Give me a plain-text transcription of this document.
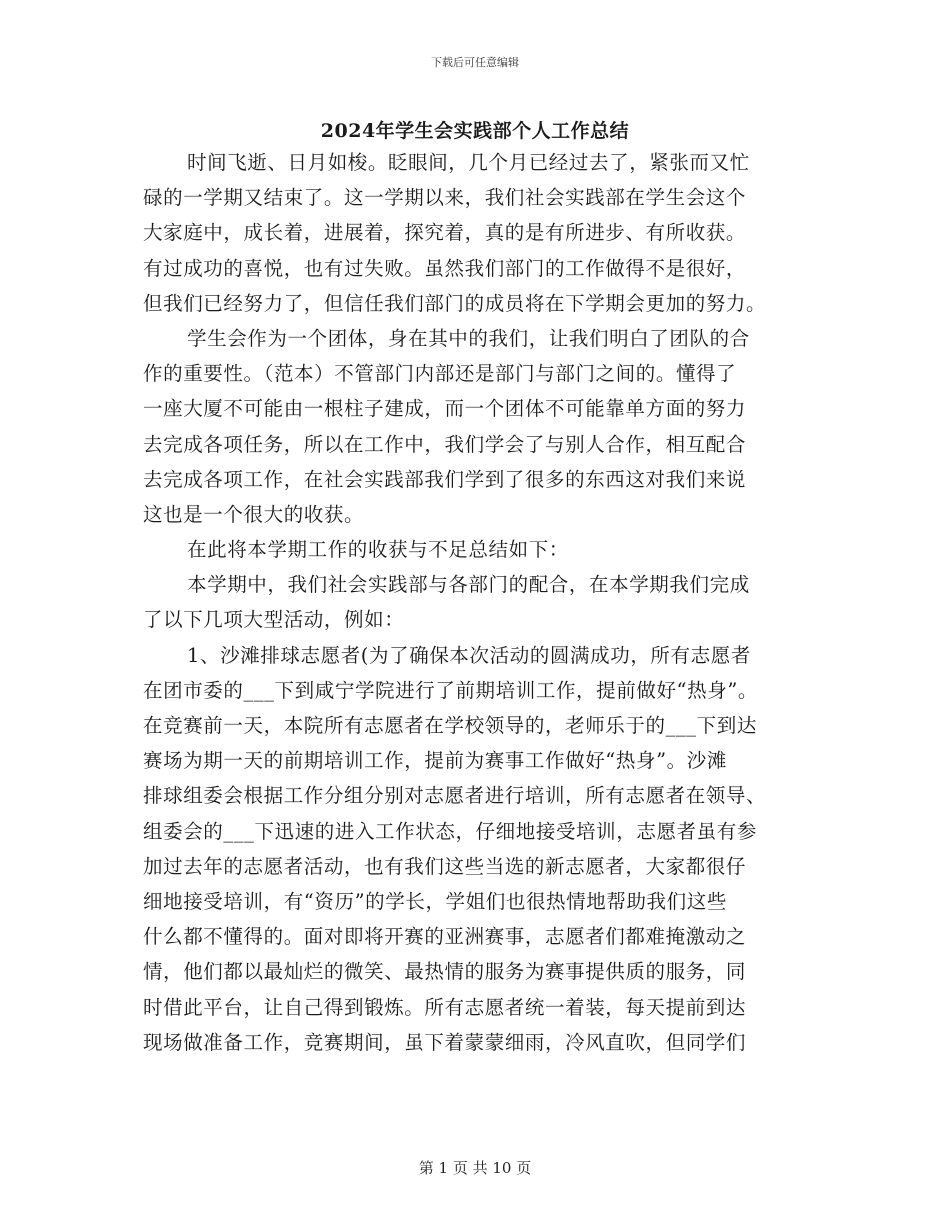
下载后可任意编辑
2024年学生会实践部个人工作总结
时间飞逝、日月如梭。眨眼间，几个月已经过去了，紧张而又忙
碌的一学期又结束了。这一学期以来，我们社会实践部在学生会这个
大家庭中，成长着，进展着，探究着，真的是有所进步、有所收获。
有过成功的喜悦，也有过失败。虽然我们部门的工作做得不是很好，
但我们已经努力了，但信任我们部门的成员将在下学期会更加的努力。
学生会作为一个团体，身在其中的我们，让我们明白了团队的合
作的重要性。（范本）不管部门内部还是部门与部门之间的。懂得了
一座大厦不可能由一根柱子建成，而一个团体不可能靠单方面的努力
去完成各项任务，所以在工作中，我们学会了与别人合作，相互配合
去完成各项工作，在社会实践部我们学到了很多的东西这对我们来说
这也是一个很大的收获。
在此将本学期工作的收获与不足总结如下：
本学期中，我们社会实践部与各部门的配合，在本学期我们完成
了以下几项大型活动，例如：
1、沙滩排球志愿者(为了确保本次活动的圆满成功，所有志愿者
在团市委的___下到咸宁学院进行了前期培训工作，提前做好“热身”。
在竞赛前一天，本院所有志愿者在学校领导的，老师乐于的___下到达
赛场为期一天的前期培训工作，提前为赛事工作做好“热身”。沙滩
排球组委会根据工作分组分别对志愿者进行培训，所有志愿者在领导、
组委会的___下迅速的进入工作状态，仔细地接受培训，志愿者虽有参
加过去年的志愿者活动，也有我们这些当选的新志愿者，大家都很仔
细地接受培训，有“资历”的学长，学姐们也很热情地帮助我们这些
什么都不懂得的。面对即将开赛的亚洲赛事，志愿者们都难掩激动之
情，他们都以最灿烂的微笑、最热情的服务为赛事提供质的服务，同
时借此平台，让自己得到锻炼。所有志愿者统一着装，每天提前到达
现场做准备工作，竞赛期间，虽下着蒙蒙细雨，冷风直吹，但同学们
第 1 页 共 10 页
